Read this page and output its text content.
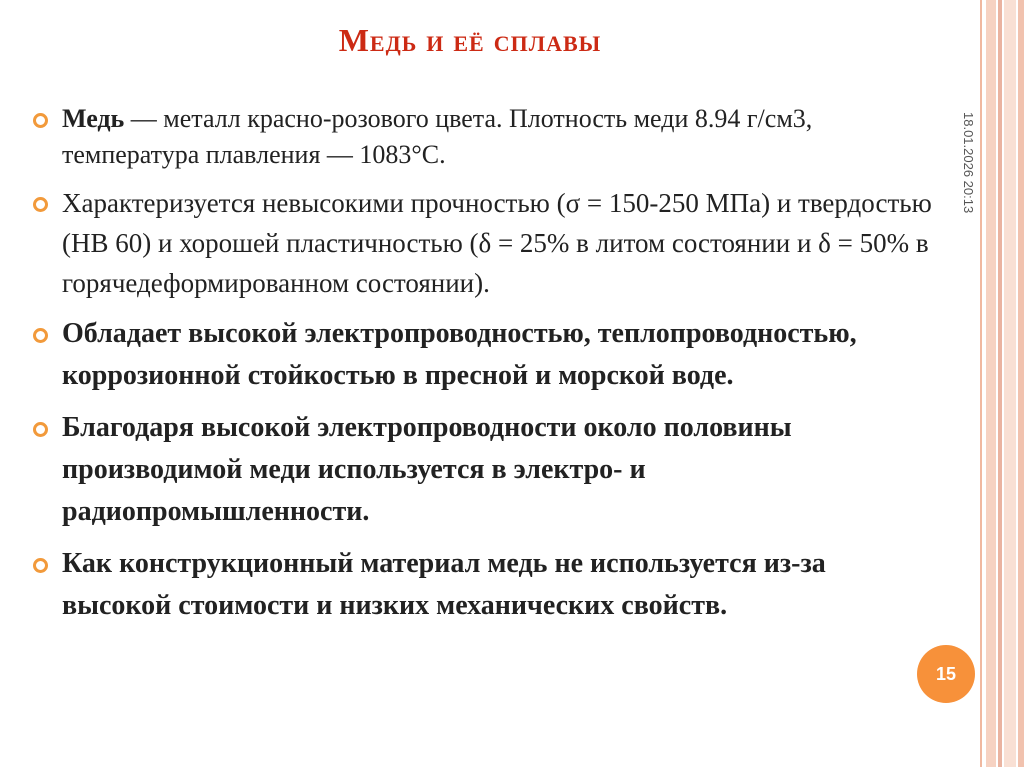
Медь и её сплавы
18.01.2026 20:13
Медь — металл красно-розового цвета. Плотность меди 8.94 г/см3, температура плавления — 1083°С.
Характеризуется невысокими прочностью (σ = 150-250 МПа) и твердостью (НВ 60) и хорошей пластичностью (δ = 25% в литом состоянии и δ = 50% в горячедеформированном состоянии).
Обладает высокой электропроводностью, теплопроводностью, коррозионной стойкостью в пресной и морской воде.
Благодаря высокой электропроводности около половины производимой меди используется в электро- и радиопромышленности.
Как конструкционный материал медь не используется из-за высокой стоимости и низких механических свойств.
15
